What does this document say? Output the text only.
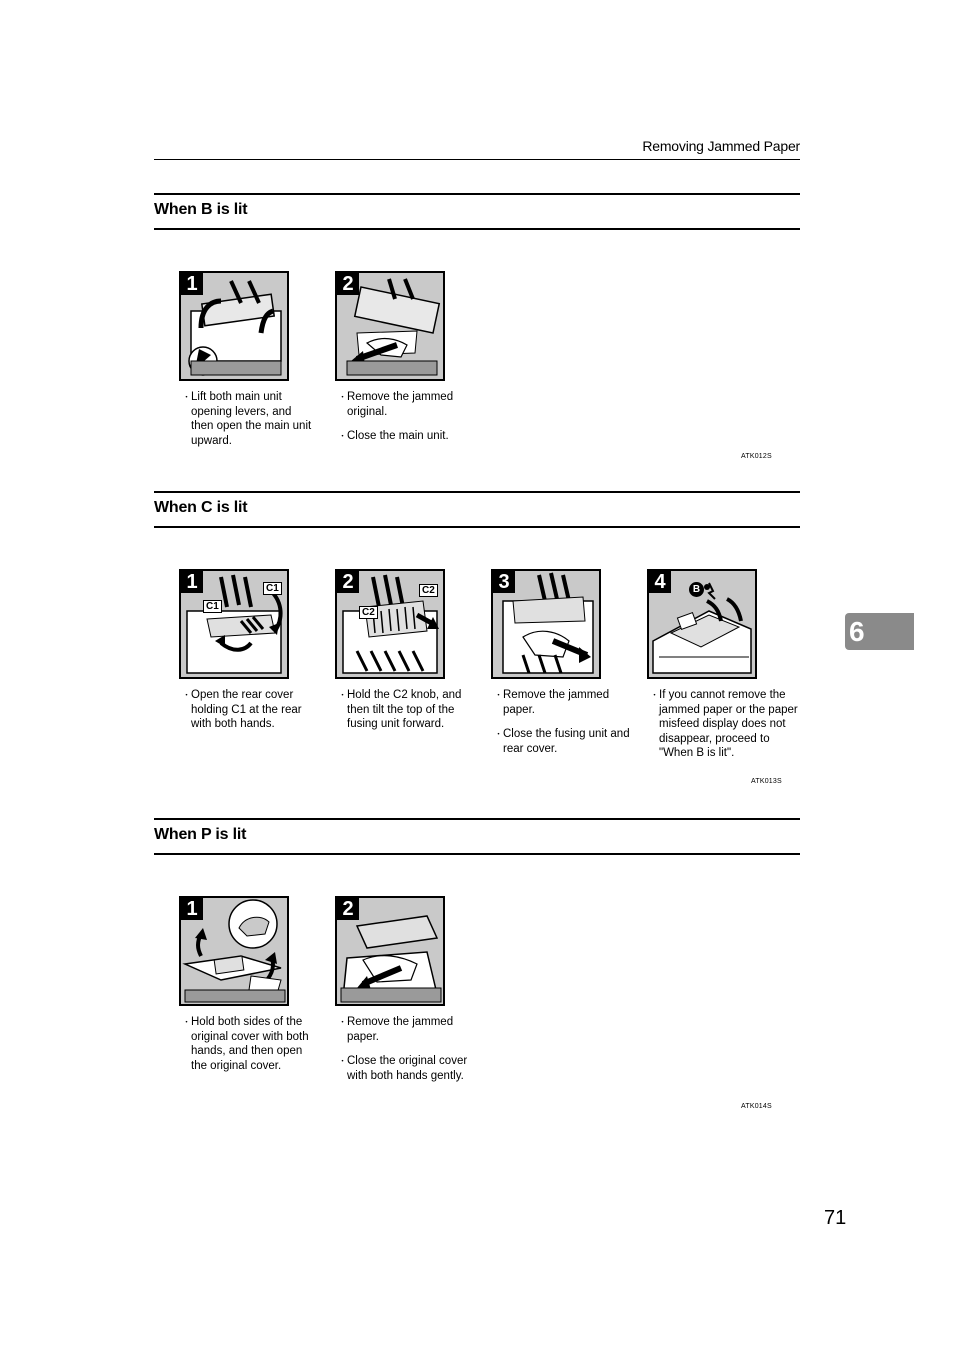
Removing Jammed Paper
When B is lit
1

・ Lift both main unit opening levers, and then open the main unit upward.

2

・ Remove the jammed original.

・ Close the main unit.

ATK012S
When C is lit
1	C1
C1

・ Open the rear cover holding C1 at the rear with both hands.

2	C2
C2

・ Hold the C2 knob, and then tilt the top of the fusing unit forward.

3

・ Remove the jammed paper.

・ Close the fusing unit and rear cover.

4	B

・ If you cannot remove the jammed paper or the paper misfeed display does not disappear, proceed to "When B is lit".

ATK013S
6
When P is lit
1

・ Hold both sides of the original cover with both hands, and then open the original cover.

2

・ Remove the jammed paper.

・ Close the original cover with both hands gently.

ATK014S
71
